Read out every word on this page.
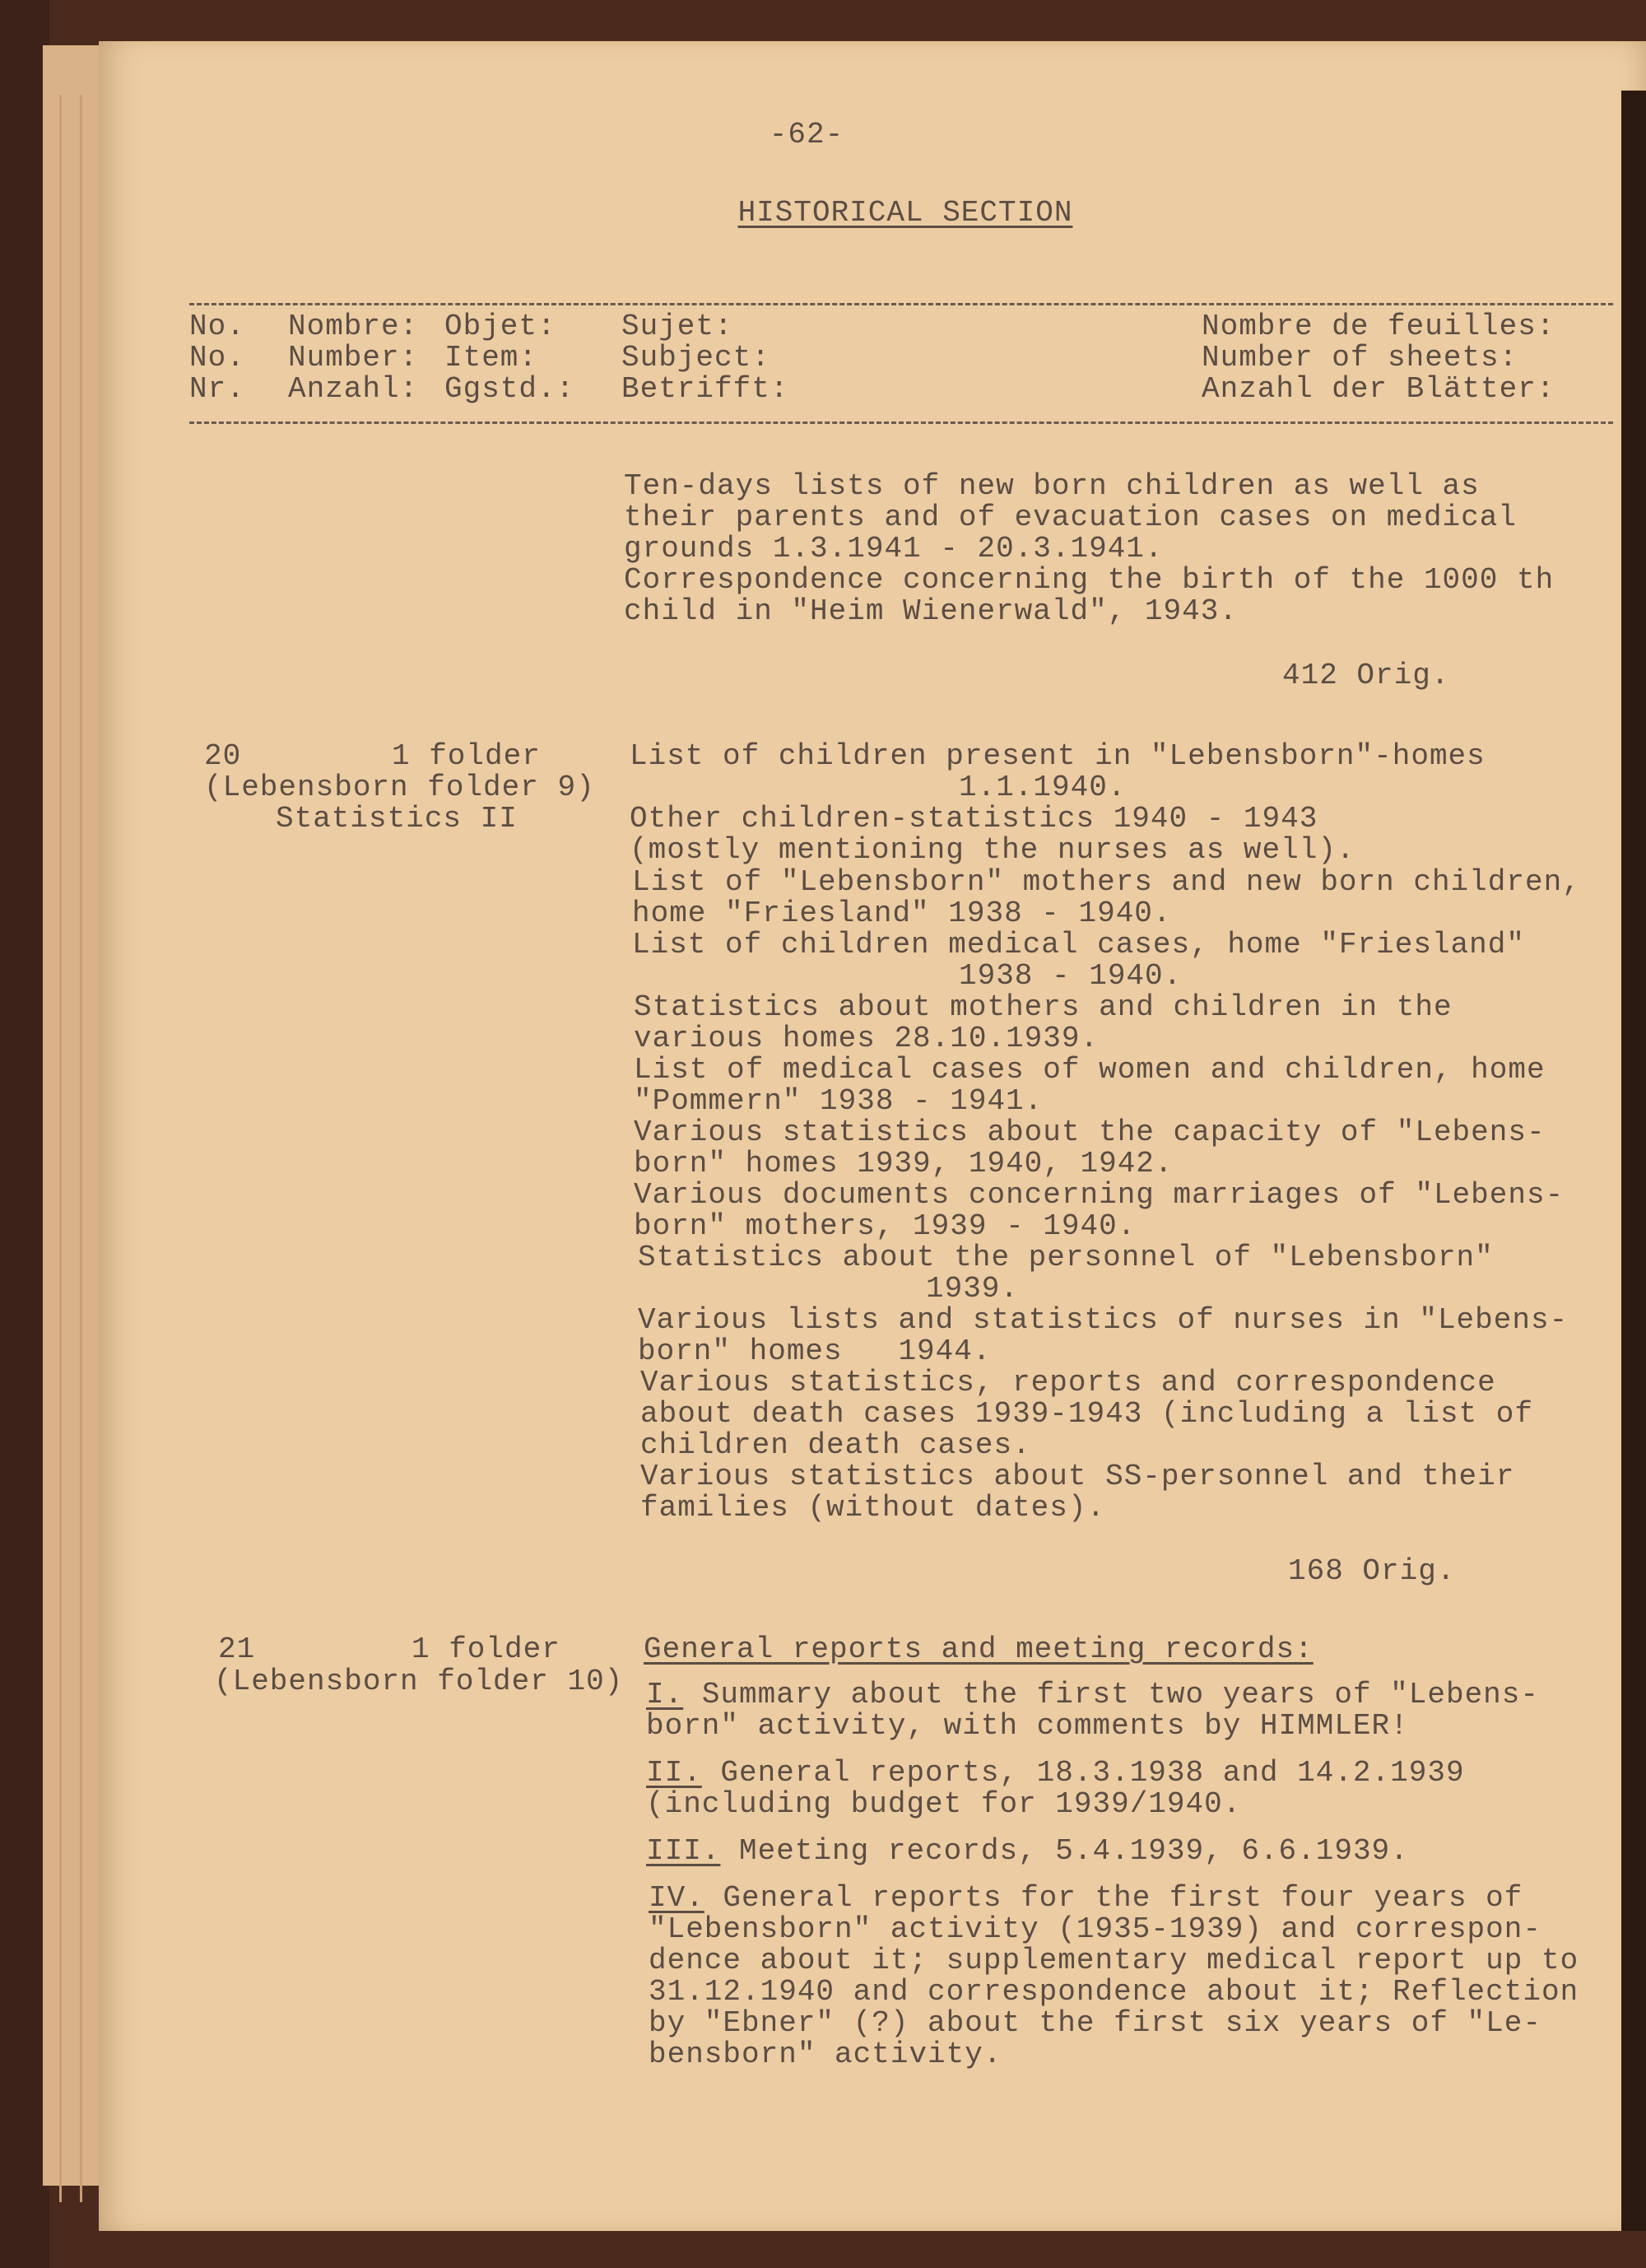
-62-
HISTORICAL SECTION
No. Nombre: Objet: Sujet:	Nombre de feuilles:
No. Number: Item:	Subject:	Number of sheets:
Nr. Anzahl: Ggstd.: Betrifft:	Anzahl der Blätter:
Ten-days lists of new born children as well as
their parents and of evacuation cases on medical
grounds 1.3.1941 - 20.3.1941.
Correspondence concerning the birth of the 1000 th
child in "Heim Wienerwald", 1943.
412 Orig.
20	1 folder
(Lebensborn folder 9)
Statistics II
List of children present in "Lebensborn"-homes
1.1.1940.
Other children-statistics 1940 - 1943
(mostly mentioning the nurses as well).
List of "Lebensborn" mothers and new born children,
home "Friesland" 1938 - 1940.
List of children medical cases, home "Friesland"
1938 - 1940.
Statistics about mothers and children in the
various homes 28.10.1939.
List of medical cases of women and children, home
"Pommern" 1938 - 1941.
Various statistics about the capacity of "Lebens-
born" homes 1939, 1940, 1942.
Various documents concerning marriages of "Lebens-
born" mothers, 1939 - 1940.
Statistics about the personnel of "Lebensborn"
1939.
Various lists and statistics of nurses in "Lebens-
born" homes   1944.
Various statistics, reports and correspondence
about death cases 1939-1943 (including a list of
children death cases.
Various statistics about SS-personnel and their
families (without dates).
168 Orig.
21	1 folder
(Lebensborn folder 10)
General reports and meeting records:
I. Summary about the first two years of "Lebens-
born" activity, with comments by HIMMLER!
II. General reports, 18.3.1938 and 14.2.1939
(including budget for 1939/1940.
III. Meeting records, 5.4.1939, 6.6.1939.
IV. General reports for the first four years of
"Lebensborn" activity (1935-1939) and correspon-
dence about it; supplementary medical report up to
31.12.1940 and correspondence about it; Reflection
by "Ebner" (?) about the first six years of "Le-
bensborn" activity.
